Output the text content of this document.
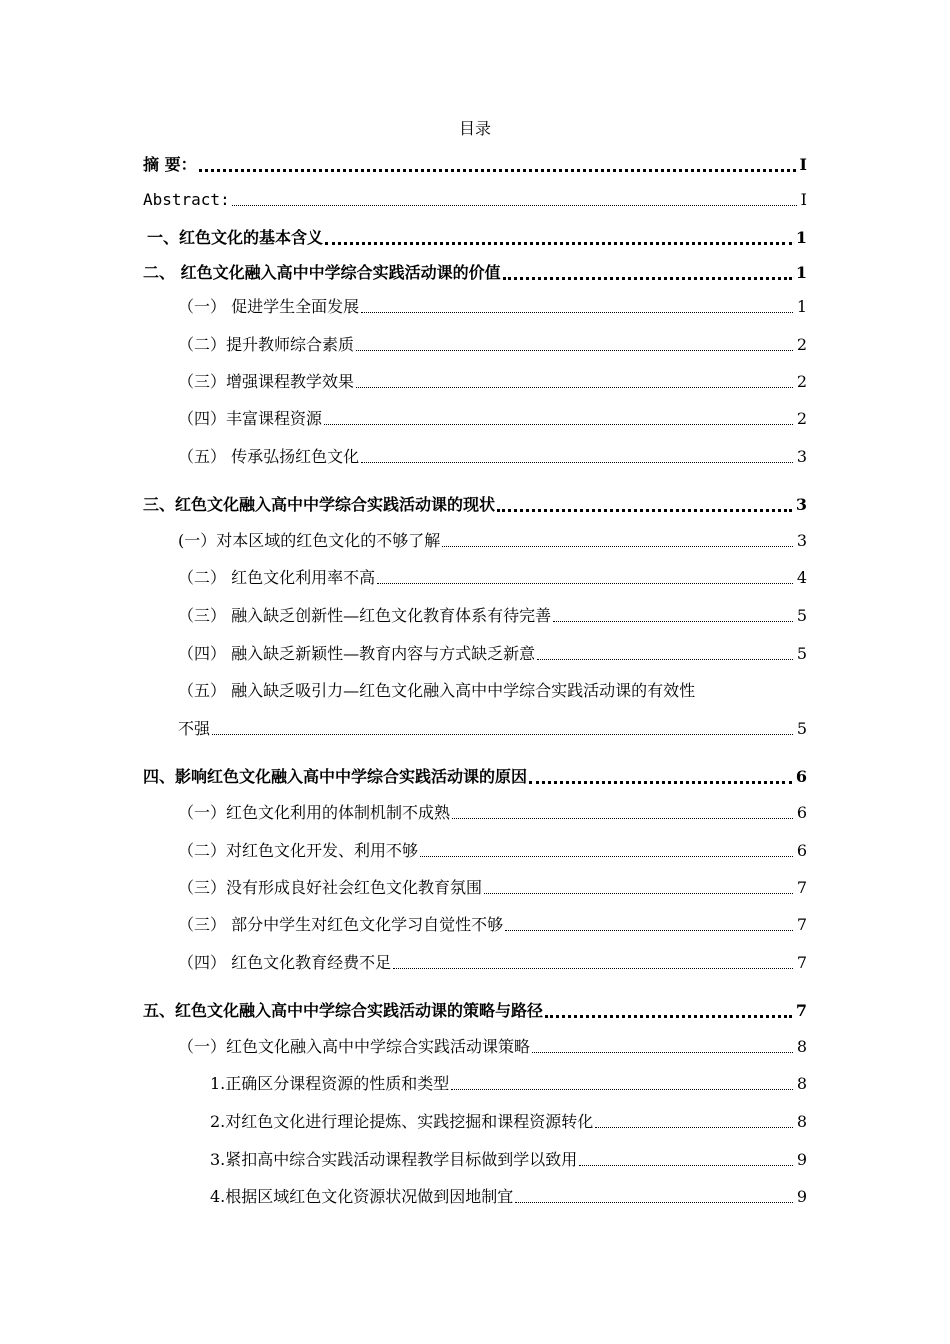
目录
摘 要：	I
Abstract:	I
一、红色文化的基本含义	1
二、 红色文化融入高中中学综合实践活动课的价值	1
（一） 促进学生全面发展	1
（二）提升教师综合素质	2
（三）增强课程教学效果	2
（四）丰富课程资源	2
（五） 传承弘扬红色文化	3
三、红色文化融入高中中学综合实践活动课的现状	3
(一）对本区域的红色文化的不够了解	3
（二） 红色文化利用率不高	4
（三） 融入缺乏创新性—红色文化教育体系有待完善	5
（四） 融入缺乏新颖性—教育内容与方式缺乏新意	5
（五） 融入缺乏吸引力—红色文化融入高中中学综合实践活动课的有效性
不强	5
四、影响红色文化融入高中中学综合实践活动课的原因	6
（一）红色文化利用的体制机制不成熟	6
（二）对红色文化开发、利用不够	6
（三）没有形成良好社会红色文化教育氛围	7
（三） 部分中学生对红色文化学习自觉性不够	7
（四） 红色文化教育经费不足	7
五、红色文化融入高中中学综合实践活动课的策略与路径	7
（一）红色文化融入高中中学综合实践活动课策略	8
1.正确区分课程资源的性质和类型	8
2.对红色文化进行理论提炼、实践挖掘和课程资源转化	8
3.紧扣高中综合实践活动课程教学目标做到学以致用	9
4.根据区域红色文化资源状况做到因地制宜	9
